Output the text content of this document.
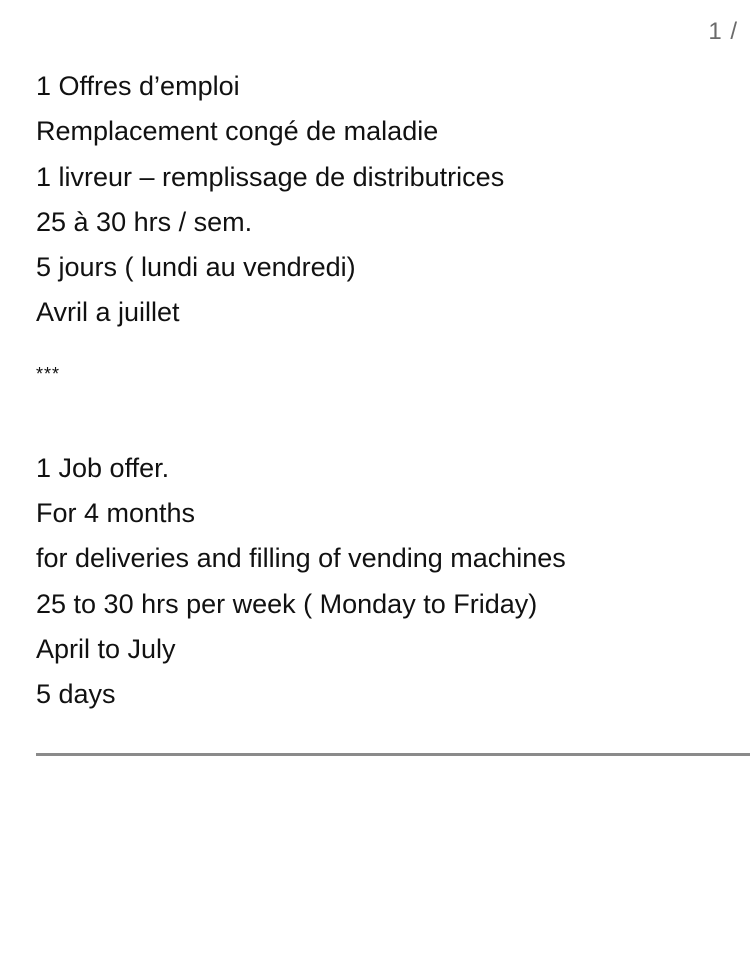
1 /
1 Offres d’emploi
Remplacement congé de maladie
1 livreur – remplissage de distributrices
25 à 30 hrs / sem.
5 jours ( lundi au vendredi)
Avril a juillet
***
1 Job offer.
For 4 months
for deliveries and filling of vending machines
25 to 30 hrs per week ( Monday to Friday)
April to July
5 days
